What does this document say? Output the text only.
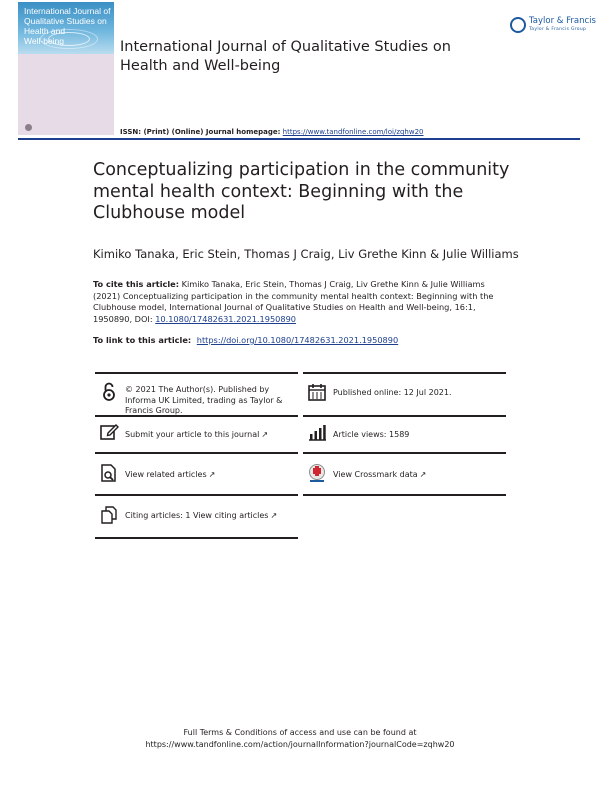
International Journal of
Qualitative Studies on
Health and
Well-being	International Journal of Qualitative Studies on Health and Well-being
Taylor & Francis
Taylor & Francis Group
ISSN: (Print) (Online) Journal homepage: https://www.tandfonline.com/loi/zqhw20
Conceptualizing participation in the community mental health context: Beginning with the Clubhouse model
Kimiko Tanaka, Eric Stein, Thomas J Craig, Liv Grethe Kinn & Julie Williams
To cite this article: Kimiko Tanaka, Eric Stein, Thomas J Craig, Liv Grethe Kinn & Julie Williams (2021) Conceptualizing participation in the community mental health context: Beginning with the Clubhouse model, International Journal of Qualitative Studies on Health and Well-being, 16:1, 1950890, DOI: 10.1080/17482631.2021.1950890
To link to this article: https://doi.org/10.1080/17482631.2021.1950890
© 2021 The Author(s). Published by Informa UK Limited, trading as Taylor & Francis Group.
Published online: 12 Jul 2021.
Submit your article to this journal ↗	Article views: 1589
View related articles ↗	View Crossmark data ↗
Citing articles: 1 View citing articles ↗
Full Terms & Conditions of access and use can be found at
https://www.tandfonline.com/action/journalInformation?journalCode=zqhw20
